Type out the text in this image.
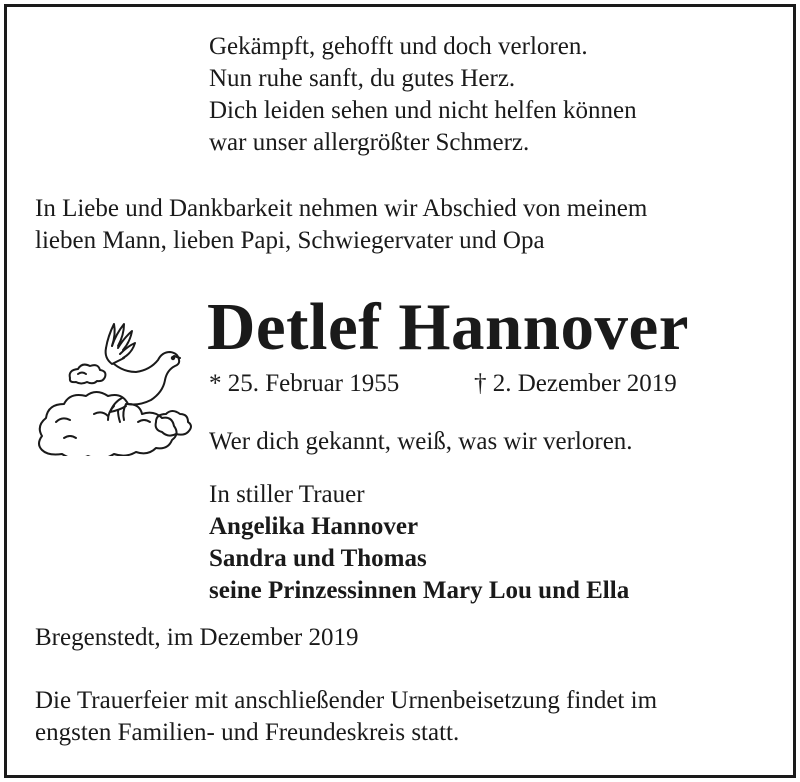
Gekämpft, gehofft und doch verloren.
Nun ruhe sanft, du gutes Herz.
Dich leiden sehen und nicht helfen können
war unser allergrößter Schmerz.
In Liebe und Dankbarkeit nehmen wir Abschied von meinem
lieben Mann, lieben Papi, Schwiegervater und Opa
Detlef Hannover
* 25. Februar 1955	† 2. Dezember 2019
Wer dich gekannt, weiß, was wir verloren.
In stiller Trauer
Angelika Hannover
Sandra und Thomas
seine Prinzessinnen Mary Lou und Ella
Bregenstedt, im Dezember 2019
Die Trauerfeier mit anschließender Urnenbeisetzung findet im
engsten Familien- und Freundeskreis statt.
